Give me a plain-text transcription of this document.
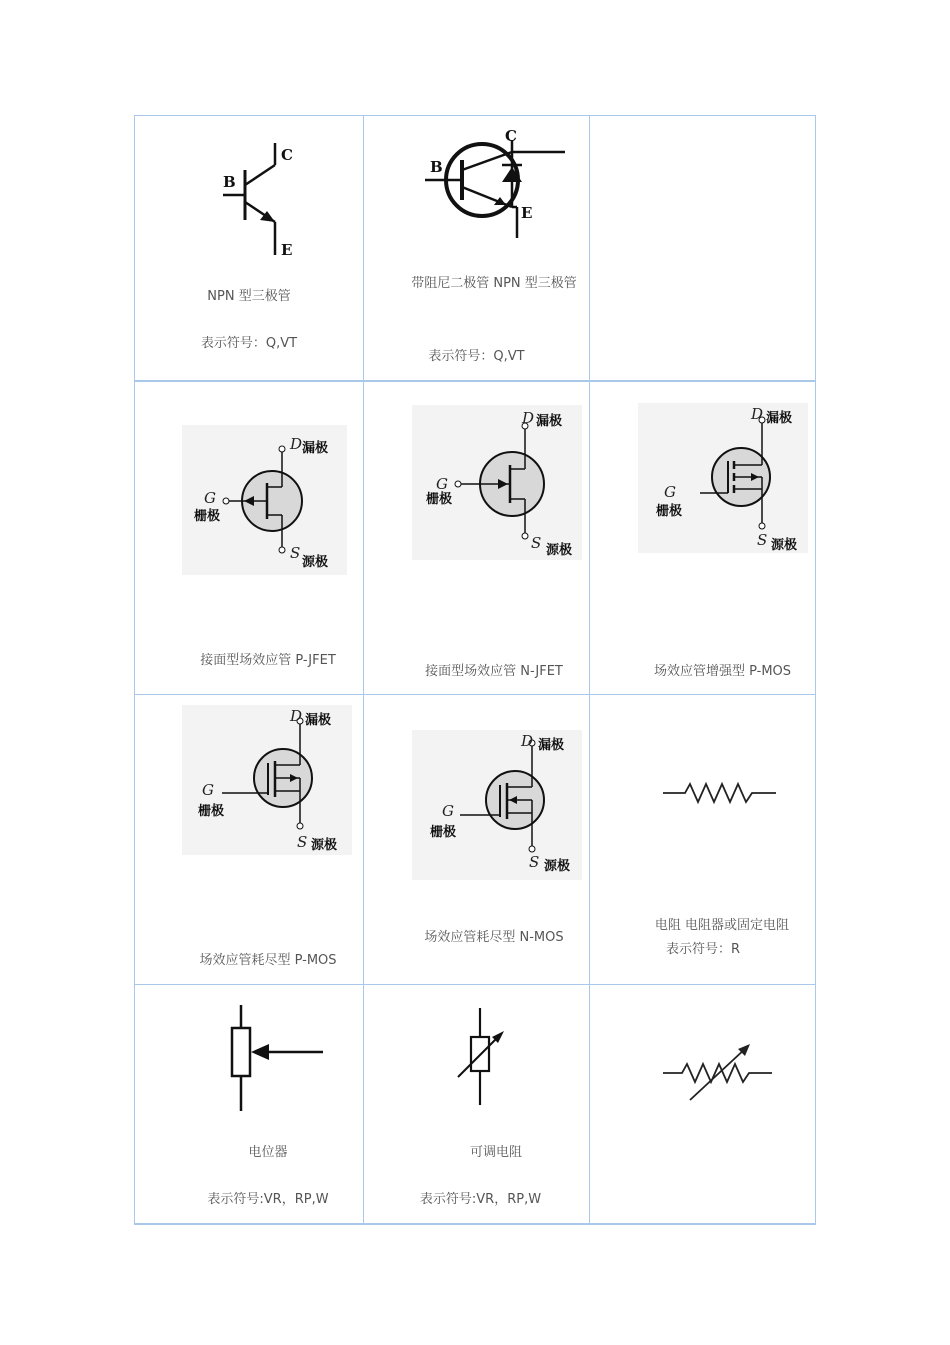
C
B
E
NPN 型三极管
表示符号：Q,VT
C
B
E
带阻尼二极管 NPN 型三极管
表示符号：Q,VT
D 漏极
G
栅极
S
源极
接面型场效应管 P-JFET
D 漏极
G
栅极
S 源极
接面型场效应管 N-JFET
D 漏极
G
栅极
S 源极
场效应管增强型 P-MOS
D 漏极
G
栅极
S 源极
场效应管耗尽型 P-MOS
D 漏极
G
栅极
S 源极
场效应管耗尽型 N-MOS
电阻 电阻器或固定电阻
表示符号：R
电位器
表示符号:VR，RP,W
可调电阻
表示符号:VR，RP,W
